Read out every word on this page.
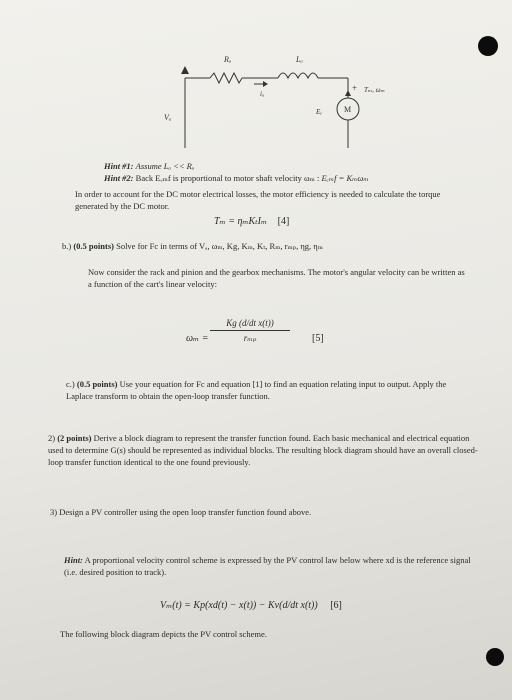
Rₐ	Lₐ
iₐ
Vₐ
Eₑ
+
M
Tₘ, ωₘ
Hint #1: Assume Lₐ << Rₐ
Hint #2: Back Eₑₘf is proportional to motor shaft velocity ωₘ : Eₑₘf = Kₘωₘ
In order to account for the DC motor electrical losses, the motor efficiency is needed to calculate the torque generated by the DC motor.
Tₘ = ηₘKₜIₘ [4]
b.) (0.5 points) Solve for Fc in terms of Vₐ, ωₘ, Kg, Kₘ, Kₜ, Rₘ, rₘₚ, ηg, ηₘ
Now consider the rack and pinion and the gearbox mechanisms. The motor's angular velocity can be written as a function of the cart's linear velocity:
ωₘ =
Kg (d/dt x(t))
rₘₚ	[5]
c.) (0.5 points) Use your equation for Fc and equation [1] to find an equation relating input to output. Apply the Laplace transform to obtain the open-loop transfer function.
2) (2 points) Derive a block diagram to represent the transfer function found. Each basic mechanical and electrical equation used to determine G(s) should be represented as individual blocks. The resulting block diagram should have an overall closed-loop transfer function identical to the one found previously.
3) Design a PV controller using the open loop transfer function found above.
Hint: A proportional velocity control scheme is expressed by the PV control law below where xd is the reference signal (i.e. desired position to track).
Vₘ(t) = Kp(xd(t) − x(t)) − Kv(d/dt x(t)) [6]
The following block diagram depicts the PV control scheme.
